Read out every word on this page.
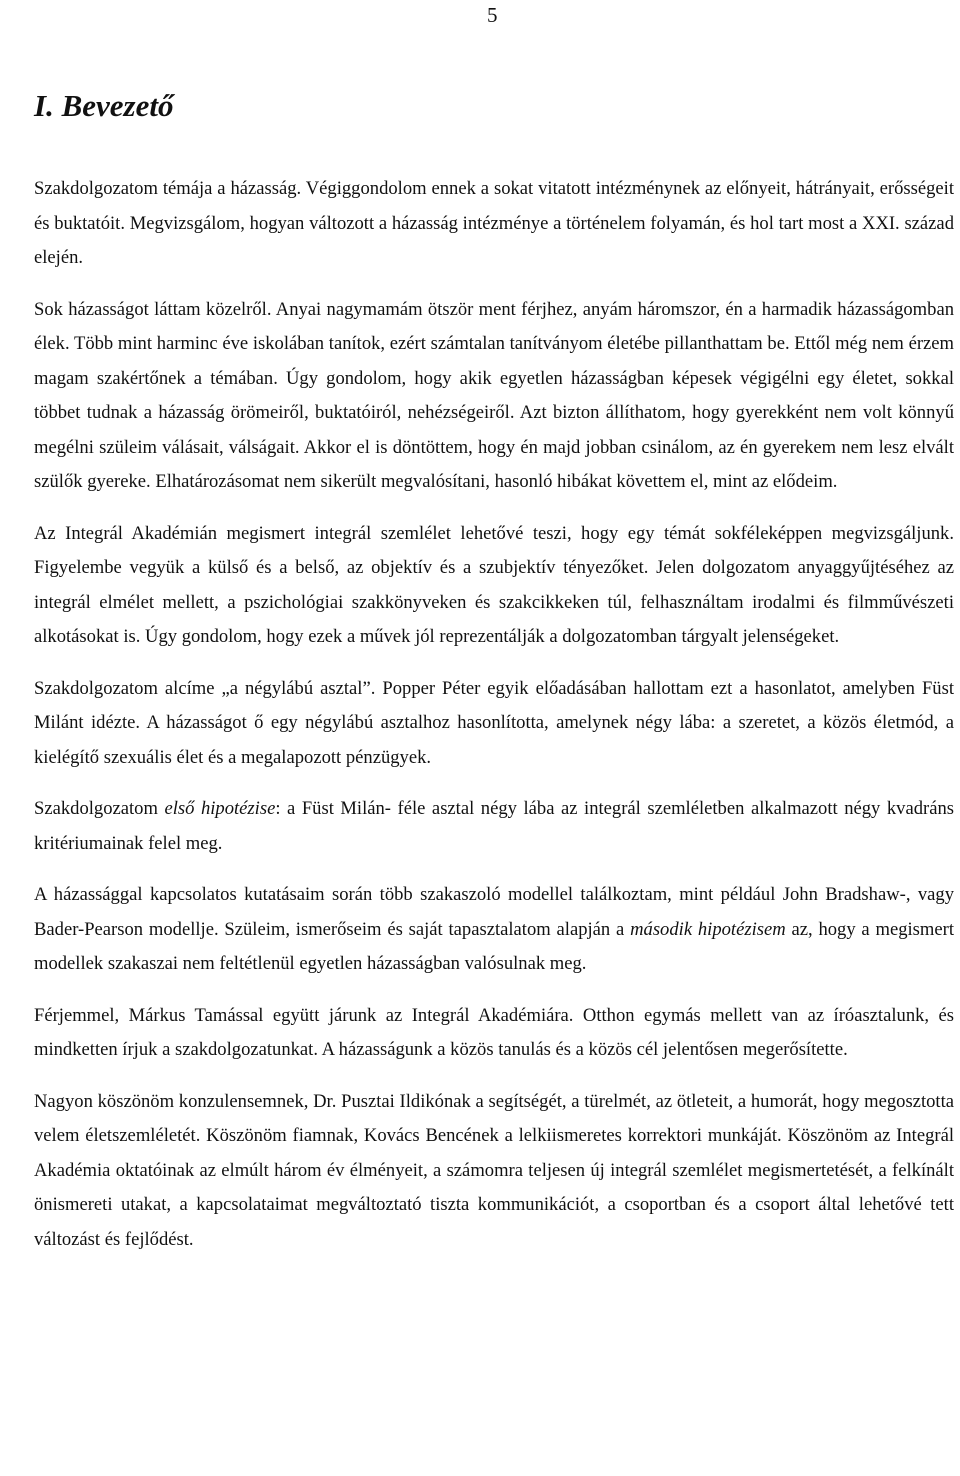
5
I. Bevezető

Szakdolgozatom témája a házasság. Végiggondolom ennek a sokat vitatott intézménynek az előnyeit, hátrányait, erősségeit és buktatóit. Megvizsgálom, hogyan változott a házasság intézménye a történelem folyamán, és hol tart most a XXI. század elején.

Sok házasságot láttam közelről. Anyai nagymamám ötször ment férjhez, anyám háromszor, én a harmadik házasságomban élek. Több mint harminc éve iskolában tanítok, ezért számtalan tanítványom életébe pillanthattam be. Ettől még nem érzem magam szakértőnek a témában. Úgy gondolom, hogy akik egyetlen házasságban képesek végigélni egy életet, sokkal többet tudnak a házasság örömeiről, buktatóiról, nehézségeiről. Azt bizton állíthatom, hogy gyerekként nem volt könnyű megélni szüleim válásait, válságait. Akkor el is döntöttem, hogy én majd jobban csinálom, az én gyerekem nem lesz elvált szülők gyereke. Elhatározásomat nem sikerült megvalósítani, hasonló hibákat követtem el, mint az elődeim.

Az Integrál Akadémián megismert integrál szemlélet lehetővé teszi, hogy egy témát sokféleképpen megvizsgáljunk. Figyelembe vegyük a külső és a belső, az objektív és a szubjektív tényezőket. Jelen dolgozatom anyaggyűjtéséhez az integrál elmélet mellett, a pszichológiai szakkönyveken és szakcikkeken túl, felhasználtam irodalmi és filmművészeti alkotásokat is. Úgy gondolom, hogy ezek a művek jól reprezentálják a dolgozatomban tárgyalt jelenségeket.

Szakdolgozatom alcíme „a négylábú asztal”. Popper Péter egyik előadásában hallottam ezt a hasonlatot, amelyben Füst Milánt idézte. A házasságot ő egy négylábú asztalhoz hasonlította, amelynek négy lába: a szeretet, a közös életmód, a kielégítő szexuális élet és a megalapozott pénzügyek.

Szakdolgozatom első hipotézise: a Füst Milán- féle asztal négy lába az integrál szemléletben alkalmazott négy kvadráns kritériumainak felel meg.

A házassággal kapcsolatos kutatásaim során több szakaszoló modellel találkoztam, mint például John Bradshaw-, vagy Bader-Pearson modellje. Szüleim, ismerőseim és saját tapasztalatom alapján a második hipotézisem az, hogy a megismert modellek szakaszai nem feltétlenül egyetlen házasságban valósulnak meg.

Férjemmel, Márkus Tamással együtt járunk az Integrál Akadémiára. Otthon egymás mellett van az íróasztalunk, és mindketten írjuk a szakdolgozatunkat. A házasságunk a közös tanulás és a közös cél jelentősen megerősítette.

Nagyon köszönöm konzulensemnek, Dr. Pusztai Ildikónak a segítségét, a türelmét, az ötleteit, a humorát, hogy megosztotta velem életszemléletét. Köszönöm fiamnak, Kovács Bencének a lelkiismeretes korrektori munkáját. Köszönöm az Integrál Akadémia oktatóinak az elmúlt három év élményeit, a számomra teljesen új integrál szemlélet megismertetését, a felkínált önismereti utakat, a kapcsolataimat megváltoztató tiszta kommunikációt, a csoportban és a csoport által lehetővé tett változást és fejlődést.
